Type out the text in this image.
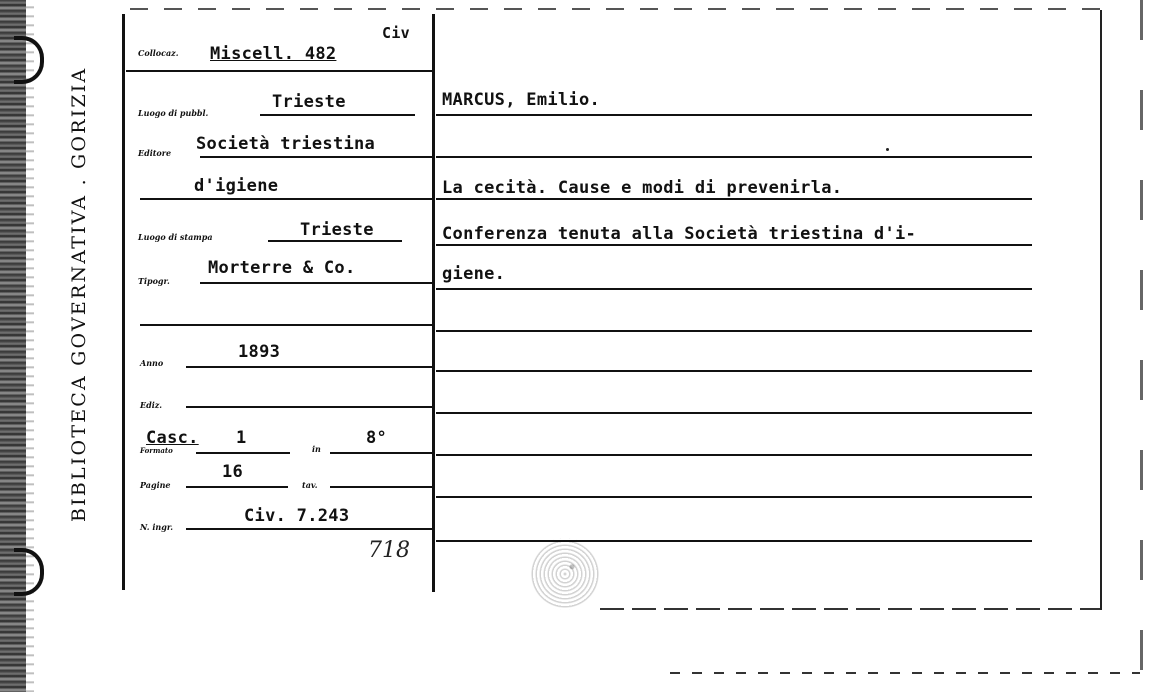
BIBLIOTECA GOVERNATIVA . GORIZIA
Collocaz. Miscell. 482
Civ
Luogo di pubbl.
Trieste
Editore Società triestina
d'igiene
Luogo di stampa	Trieste
Tipogr.
Morterre & Co.
Anno
1893
Ediz.
Formato
Casc. 1
in
8°
Pagine
16
tav.
N. ingr.
Civ. 7.243
718
MARCUS, Emilio.
La cecità. Cause e modi di prevenirla.
Conferenza tenuta alla Società triestina d'i-
giene.
